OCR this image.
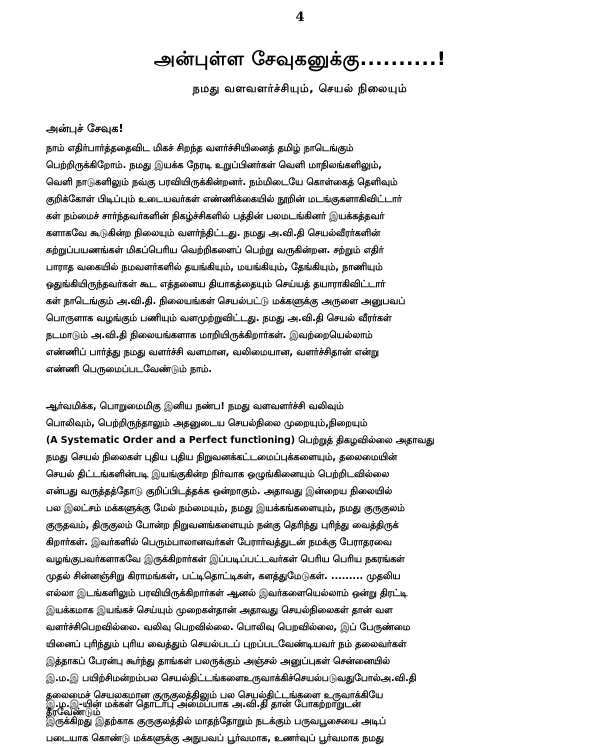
4
அன்புள்ள சேவுகனுக்கு..........!
நமது வளவளர்ச்சியும், செயல் நிலையும்
அன்புச் சேவுக!
நாம் எதிர்பார்த்ததைவிட மிகச் சிறந்த வளர்ச்சியினைத் தமிழ் நாடெங்கும்
பெற்றிருக்கிறோம். நமது இயக்க நேரடி உறுப்பினர்கள் வெளி மாநிலங்களிலும்,
வெளி நாடுகளிலும் நவ்கு பரவியிருக்கின்றனர். நம்மிடையே கொள்கைத் தெளிவும்
குறிக்கோள் பிடிப்பும் உடையவர்கள் எண்ணிக்கையில் நூறின் மடங்குகளாகிவிட்டார்
கள் நம்மைச் சார்ந்தவர்களின் நிகழ்ச்சிகளில் பத்தின் பலமடங்கினர் இயக்கத்தவர்
களாகவே கூடுகின்ற நிலையும் வளர்ந்திட்டது. நமது அ.வி.தி செயல்வீரர்களின்
சுற்றுப்பயணங்கள் மிகப்பெரிய வெற்றிகளைப் பெற்று வருகின்றன. சற்றும் எதிர்
பாராத வகையில் நமவளர்களில் தயங்கியும், மயங்கியும், தேங்கியும், நாணியும்
ஒதுங்கியிருந்தவர்கள் கூட எத்தனைய தியாகத்தையும் செய்யத் தயாராகிவிட்டார்
கள் நாடெங்கும் அ.வி.தி. நிலையங்கள் செயல்பட்டு மக்களுக்கு அருளை அனுபவப்
பொருளாக வழங்கும் பணியும் வளமுற்றுவிட்டது. நமது அ.வி.தி செயல் வீரர்கள்
நடமாடும் அ.வி.தி நிலையங்களாக மாறியிருக்கிறார்கள். இவற்றையெல்லாம்
எண்ணிப் பார்த்து நமது வளர்ச்சி வளமான, வலிமையான, வளர்ச்சிதான் என்று
எண்ணி பெருமைப்படவேண்டும் நாம்.
ஆர்வமிக்க, பொறுமைமிகு இனிய நண்ப! நமது வளவளர்ச்சி வலிவும்
பொலிவும், பெற்றிருந்தாலும் அதனுடைய செயல்நிலை முறையும்,நிறையும்
(A Systematic Order and a Perfect functioning) பெற்றுத் திகழவில்லை அதாவது
நமது செயல் நிலைகள் புதிய புதிய நிறுவனக்கட்டமைப்புக்களையும், தலைமையின்
செயல் திட்டங்களின்படி இயங்குகின்ற நிர்வாக ஒழுங்கினையும் பெற்றிடவில்லை
என்பது வருத்தத்தோடு குறிப்பிடத்தக்க ஒன்றாகும். அதாவது இன்றைய நிலையில்
பல இலட்சம் மக்களுக்கு மேல் நம்மையும், நமது இயக்கங்களையும், நமது குருகுலம்
குருதவம், திருகுலம் போன்ற நிறுவனங்களையும் நன்கு தெரிந்து புரிந்து வைத்திருக்
கிறார்கள். இவர்களில் பெரும்பாலானவர்கள் பேரார்வத்துடன் நமக்கு பேராதரவை
வழங்குபவர்களாகவே இருக்கிறார்கள் இப்படிப்பட்டவர்கள் பெரிய பெரிய நகரங்கள்
முதல் சின்னஞ்சிறு கிராமங்கள், பட்டிதொட்டிகள், களத்துமேடுகள். ......... முதலிய
எல்லா இடங்களிலும் பரவியிருக்கிறார்கள் ஆனல் இவர்களையெல்லாம் ஒன்று திரட்டி
இயக்கமாக இயங்கச் செய்யும் முறைகள்தான் அதாவது செயல்நிலைகள் தான் வள
வளர்ச்சிபெறவில்லை. வலிவு பெறவில்லை. பொலிவு பெறவில்லை, இப் பேருண்மை
யினைப் புரிந்தும் புரிய வைத்தும் செயல்படப் புறப்படவேண்டியவர் நம் தலைவர்கள்
இத்தாகப் பேரன்பு கூர்ந்து தாங்கள் பலருக்கும் அஞ்சல் அனுப்புகள் சென்னையில்
இ.ம.இ பயிற்சிமன்றம்பல செயல்திட்டங்களைஉருவாக்கிச்செயல்படுவதுபோல்அ.வி.தி
தலைமைச் செயலகமான குருகுலத்திலும் பல செயல்திட்டங்களை உருவாக்கியே
தீரவேண்டும்
இ.ம.இ-யின் மக்கள் தொடர்பு அமைப்பாக அ.வி.தி தான் போகற்றாறுடன்
இருக்கிறது இதற்காக குருகுலத்தில் மாதந்தோறும் நடக்கும் பருவபூசையை அடிப்
படையாக கொண்டு மக்களுக்கு அநுபவப் பூர்வமாக, உணர்வுப் பூர்வமாக நமது
